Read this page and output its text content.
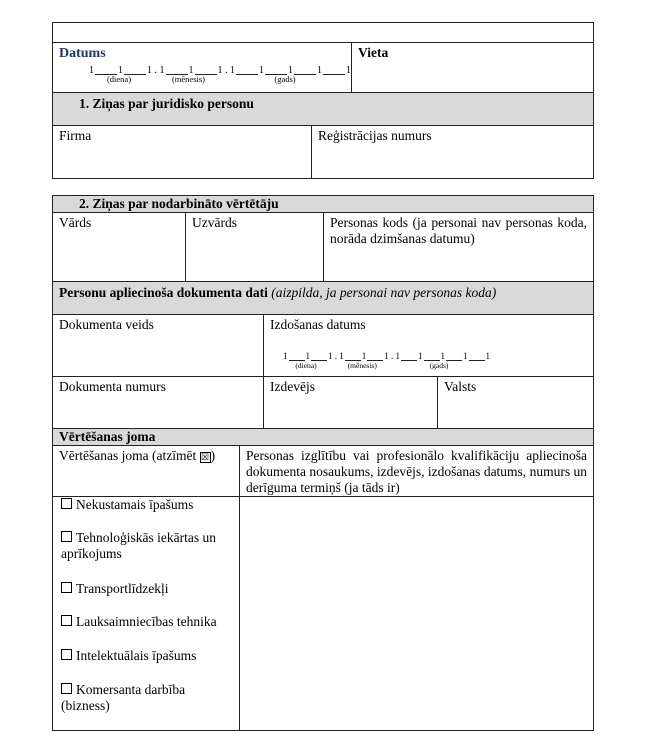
Datums
1 1
(diena)
1
.
1 1
(mēnesis)
1
.
1 1 1
(gads)
1 1
Vieta
1. Ziņas par juridisko personu
Firma	Reģistrācijas numurs
2. Ziņas par nodarbināto vērtētāju
Vārds	Uzvārds	Personas kods (ja personai nav personas koda, norāda dzimšanas datumu)
Personu apliecinoša dokumenta dati (aizpilda, ja personai nav personas koda)
Dokumenta veids	Izdošanas datums
1 1
(diena)
1
.
1 1
(mēnesis)
1
.
1 1 1
(gads)
1 1
Dokumenta numurs	Izdevējs	Valsts
Vērtēšanas joma
Vērtēšanas joma (atzīmēt ☒)	Personas izglītību vai profesionālo kvalifikāciju apliecinoša dokumenta nosaukums, izdevējs, izdošanas datums, numurs un derīguma termiņš (ja tāds ir)
Nekustamais īpašums
Tehnoloģiskās iekārtas un aprīkojums
Transportlīdzekļi
Lauksaimniecības tehnika
Intelektuālais īpašums
Komersanta darbība (bizness)
